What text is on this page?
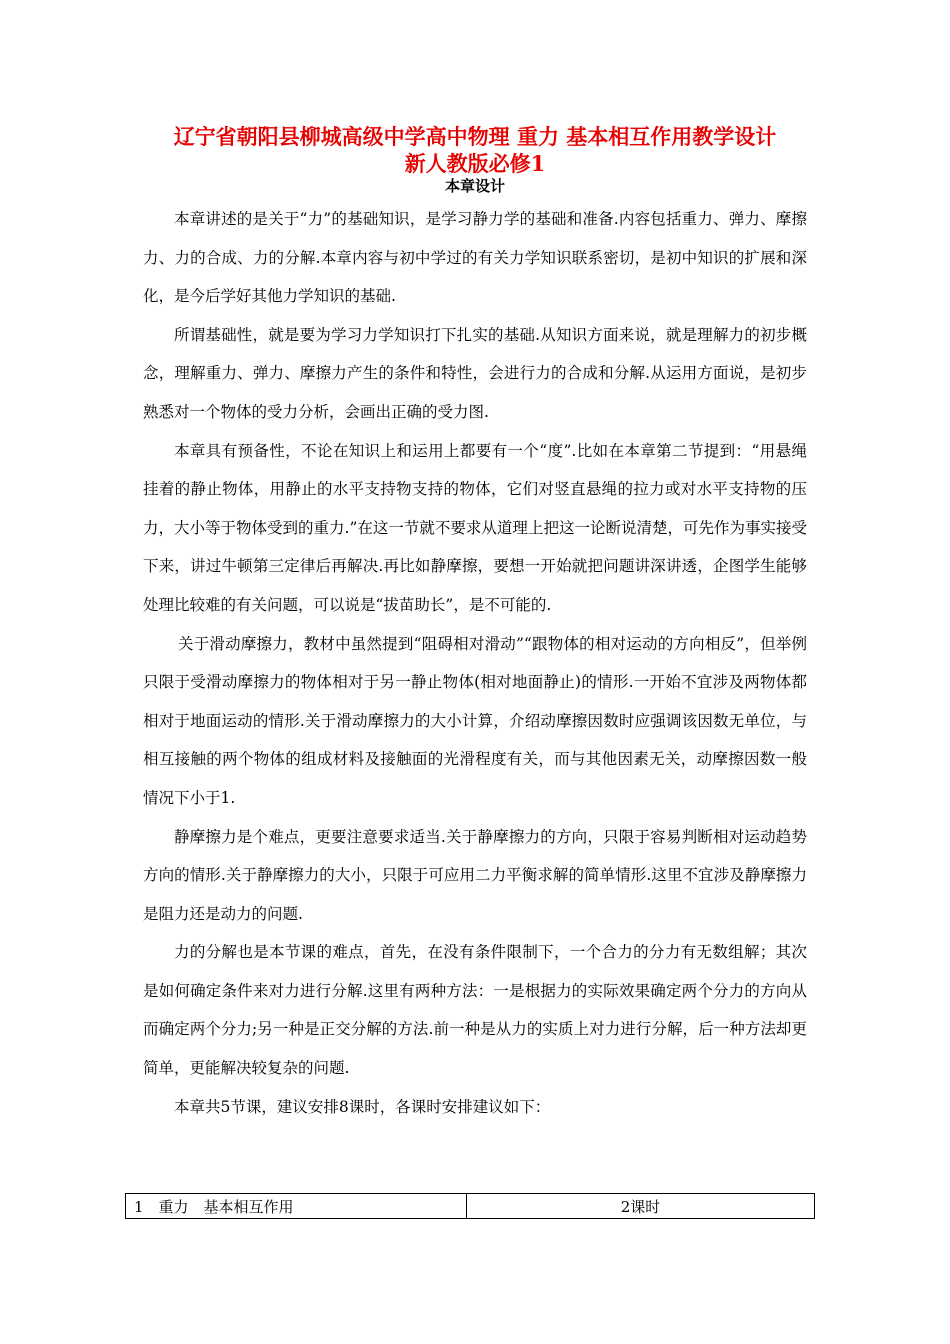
辽宁省朝阳县柳城高级中学高中物理 重力 基本相互作用教学设计
新人教版必修1
本章设计

本章讲述的是关于“力”的基础知识，是学习静力学的基础和准备.内容包括重力、弹力、摩擦力、力的合成、力的分解.本章内容与初中学过的有关力学知识联系密切，是初中知识的扩展和深化，是今后学好其他力学知识的基础.

所谓基础性，就是要为学习力学知识打下扎实的基础.从知识方面来说，就是理解力的初步概念，理解重力、弹力、摩擦力产生的条件和特性，会进行力的合成和分解.从运用方面说，是初步熟悉对一个物体的受力分析，会画出正确的受力图.

本章具有预备性，不论在知识上和运用上都要有一个“度”.比如在本章第二节提到：“用悬绳挂着的静止物体，用静止的水平支持物支持的物体，它们对竖直悬绳的拉力或对水平支持物的压力，大小等于物体受到的重力.”在这一节就不要求从道理上把这一论断说清楚，可先作为事实接受下来，讲过牛顿第三定律后再解决.再比如静摩擦，要想一开始就把问题讲深讲透，企图学生能够处理比较难的有关问题，可以说是“拔苗助长”，是不可能的.

关于滑动摩擦力，教材中虽然提到“阻碍相对滑动”“跟物体的相对运动的方向相反”，但举例只限于受滑动摩擦力的物体相对于另一静止物体(相对地面静止)的情形.一开始不宜涉及两物体都相对于地面运动的情形.关于滑动摩擦力的大小计算，介绍动摩擦因数时应强调该因数无单位，与相互接触的两个物体的组成材料及接触面的光滑程度有关，而与其他因素无关，动摩擦因数一般情况下小于1.

静摩擦力是个难点，更要注意要求适当.关于静摩擦力的方向，只限于容易判断相对运动趋势方向的情形.关于静摩擦力的大小，只限于可应用二力平衡求解的简单情形.这里不宜涉及静摩擦力是阻力还是动力的问题.

力的分解也是本节课的难点，首先，在没有条件限制下，一个合力的分力有无数组解；其次是如何确定条件来对力进行分解.这里有两种方法：一是根据力的实际效果确定两个分力的方向从而确定两个分力;另一种是正交分解的方法.前一种是从力的实质上对力进行分解，后一种方法却更简单，更能解决较复杂的问题.

本章共5节课，建议安排8课时，各课时安排建议如下：

1　重力　基本相互作用	2课时
